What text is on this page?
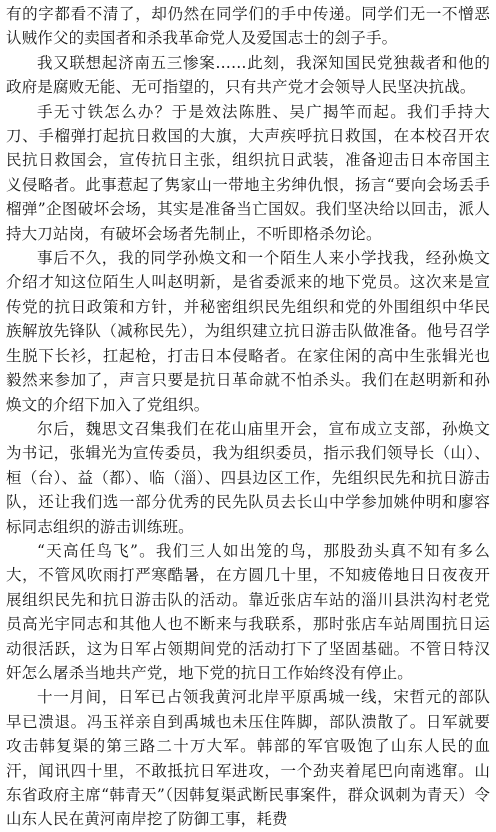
有的字都看不清了，却仍然在同学们的手中传递。同学们无一不憎恶认贼作父的卖国者和杀我革命党人及爱国志士的刽子手。

我又联想起济南五三惨案……此刻，我深知国民党独裁者和他的政府是腐败无能、无可指望的，只有共产党才会领导人民坚决抗战。

手无寸铁怎么办？于是效法陈胜、吴广揭竿而起。我们手持大刀、手榴弹打起抗日救国的大旗，大声疾呼抗日救国，在本校召开农民抗日救国会，宣传抗日主张，组织抗日武装，准备迎击日本帝国主义侵略者。此事惹起了隽家山一带地主劣绅仇恨，扬言“要向会场丢手榴弹”企图破坏会场，其实是准备当亡国奴。我们坚决给以回击，派人持大刀站岗，有破坏会场者先制止，不听即格杀勿论。

事后不久，我的同学孙焕文和一个陌生人来小学找我，经孙焕文介绍才知这位陌生人叫赵明新，是省委派来的地下党员。这次来是宣传党的抗日政策和方针，并秘密组织民先组织和党的外围组织中华民族解放先锋队（减称民先），为组织建立抗日游击队做准备。他号召学生脱下长衫，扛起枪，打击日本侵略者。在家住闲的高中生张辑光也毅然来参加了，声言只要是抗日革命就不怕杀头。我们在赵明新和孙焕文的介绍下加入了党组织。

尔后，魏思文召集我们在花山庙里开会，宣布成立支部，孙焕文为书记，张辑光为宣传委员，我为组织委员，指示我们领导长（山）、桓（台）、益（都）、临（淄）、四县边区工作，先组织民先和抗日游击队，还让我们选一部分优秀的民先队员去长山中学参加姚仲明和廖容标同志组织的游击训练班。

“天高任鸟飞”。我们三人如出笼的鸟，那股劲头真不知有多么大，不管风吹雨打严寒酷暑，在方圆几十里，不知疲倦地日日夜夜开展组织民先和抗日游击队的活动。靠近张店车站的淄川县洪沟村老党员高光宇同志和其他人也不断来与我联系，那时张店车站周围抗日运动很活跃，这为日军占领期间党的活动打下了坚固基础。不管日特汉奸怎么屠杀当地共产党，地下党的抗日工作始终没有停止。

十一月间，日军已占领我黄河北岸平原禹城一线，宋哲元的部队早已溃退。冯玉祥亲自到禹城也未压住阵脚，部队溃散了。日军就要攻击韩复渠的第三路二十万大军。韩部的军官吸饱了山东人民的血汗，闻讯四十里，不敢抵抗日军进攻，一个劲夹着尾巴向南逃窜。山东省政府主席“韩青天”（因韩复渠武断民事案件，群众讽刺为青天）令山东人民在黄河南岸挖了防御工事，耗费
